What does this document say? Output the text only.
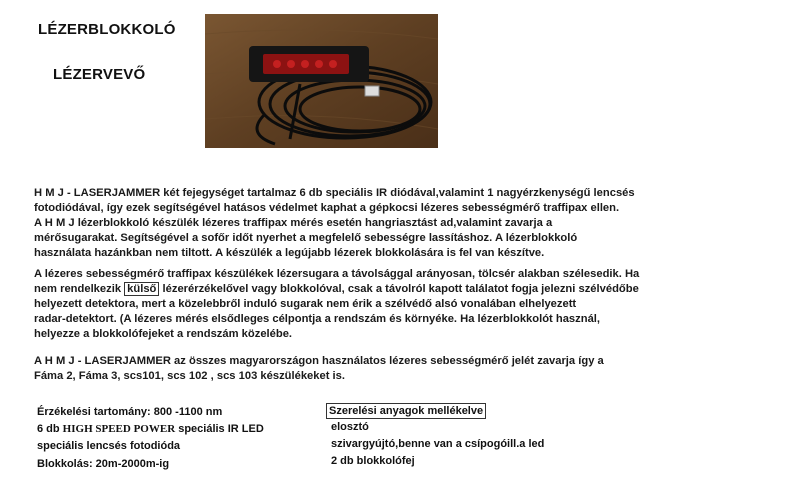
LÉZERBLOKKOLÓ
LÉZERVEVŐ
H M J - LASERJAMMER két fejegységet tartalmaz 6 db speciális IR diódával,valamint 1 nagyérzkenységű lencsés
fotodiódával, így ezek segítségével hatásos védelmet kaphat a gépkocsi lézeres sebességmérő traffipax ellen.
A H M J lézerblokkoló készülék lézeres traffipax mérés esetén hangriasztást ad,valamint zavarja a
mérősugarakat. Segítségével a sofőr időt nyerhet a megfelelő sebességre lassításhoz. A lézerblokkoló
használata hazánkban nem tiltott. A készülék a legújabb lézerek blokkolására is fel van készítve.
A lézeres sebességmérő traffipax készülékek lézersugara a távolsággal arányosan, tölcsér alakban szélesedik. Ha
nem rendelkezik külső lézerérzékelővel vagy blokkolóval, csak a távolról kapott találatot fogja jelezni szélvédőbe
helyezett detektora, mert a közelebbről induló sugarak nem érik a szélvédő alsó vonalában elhelyezett
radar-detektort. (A lézeres mérés elsődleges célpontja a rendszám és környéke. Ha lézerblokkolót használ,
helyezze a blokkolófejeket a rendszám közelébe.
A H M J - LASERJAMMER az összes magyarországon használatos lézeres sebességmérő jelét zavarja így a
Fáma 2, Fáma 3, scs101, scs 102 , scs 103 készülékeket is.
Érzékelési tartomány: 800 -1100 nm
6 db HIGH SPEED POWER speciális IR LED
speciális lencsés fotodióda
Blokkolás: 20m-2000m-ig
Szerelési anyagok mellékelve
elosztó
szivargyújtó,benne van a csípogóill.a led
2 db blokkolófej
